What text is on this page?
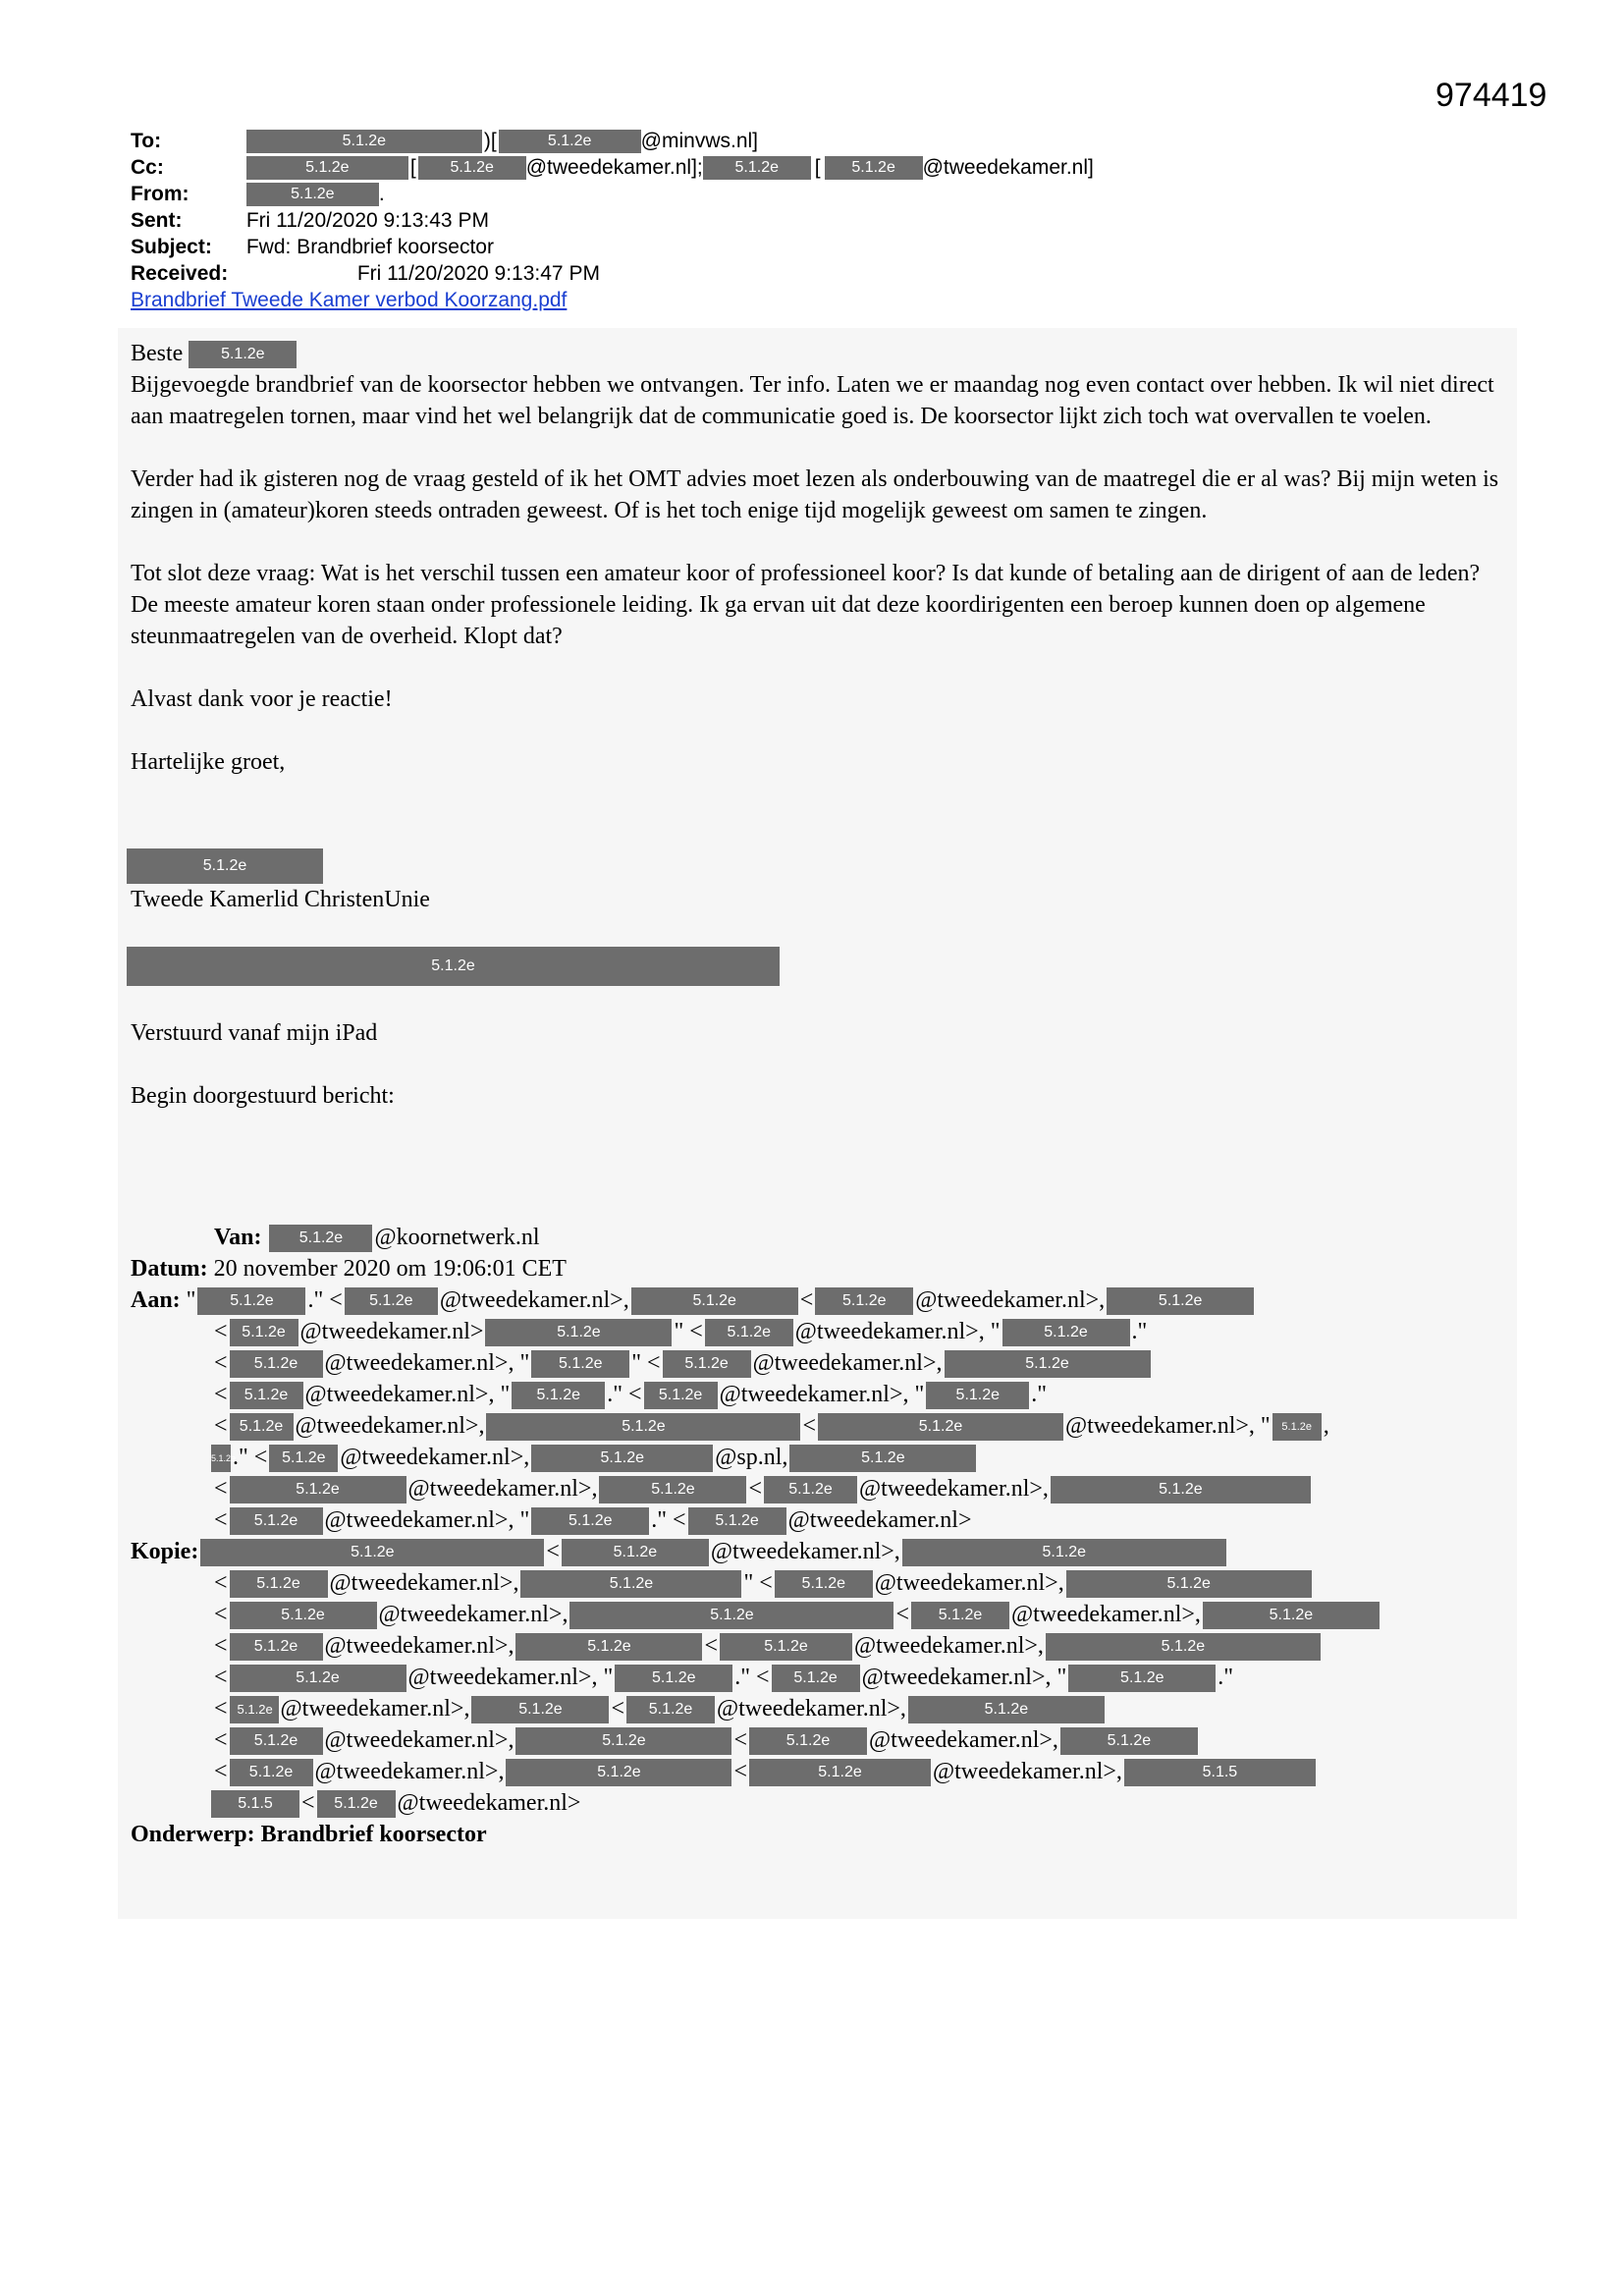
974419
To:	5.1.2e	)[	5.1.2e @minvws.nl]
Cc:	5.1.2e	[ 5.1.2e @tweedekamer.nl]; 5.1.2e [ 5.1.2e @tweedekamer.nl]
From:	5.1.2e .
Sent:	Fri 11/20/2020 9:13:43 PM
Subject: Fwd: Brandbrief koorsector
Received:	Fri 11/20/2020 9:13:47 PM
Brandbrief Tweede Kamer verbod Koorzang.pdf
Beste 5.1.2e

Bijgevoegde brandbrief van de koorsector hebben we ontvangen. Ter info. Laten we er maandag nog even contact over hebben. Ik wil niet direct aan maatregelen tornen, maar vind het wel belangrijk dat de communicatie goed is. De koorsector lijkt zich toch wat overvallen te voelen.

Verder had ik gisteren nog de vraag gesteld of ik het OMT advies moet lezen als onderbouwing van de maatregel die er al was? Bij mijn weten is zingen in (amateur)koren steeds ontraden geweest. Of is het toch enige tijd mogelijk geweest om samen te zingen.

Tot slot deze vraag: Wat is het verschil tussen een amateur koor of professioneel koor? Is dat kunde of betaling aan de dirigent of aan de leden? De meeste amateur koren staan onder professionele leiding. Ik ga ervan uit dat deze koordirigenten een beroep kunnen doen op algemene steunmaatregelen van de overheid. Klopt dat?

Alvast dank voor je reactie!

Hartelijke groet,

5.1.2e

Tweede Kamerlid ChristenUnie

5.1.2e

Verstuurd vanaf mijn iPad

Begin doorgestuurd bericht:

Van: 5.1.2e @koornetwerk.nl
Datum: 20 november 2020 om 19:06:01 CET
Aan: " 5.1.2e ." < 5.1.2e @tweedekamer.nl>,	5.1.2e	< 5.1.2e @tweedekamer.nl>,	5.1.2e
< 5.1.2e @tweedekamer.nl>	5.1.2e	" < 5.1.2e @tweedekamer.nl>, "	5.1.2e ."
< 5.1.2e @tweedekamer.nl>, " 5.1.2e " < 5.1.2e @tweedekamer.nl>,	5.1.2e
< 5.1.2e @tweedekamer.nl>, " 5.1.2e ." < 5.1.2e @tweedekamer.nl>, " 5.1.2e ."
< 5.1.2e @tweedekamer.nl>,	5.1.2e	<	5.1.2e	@tweedekamer.nl>, " 5.1.2e ,
5.1.2e." < 5.1.2e @tweedekamer.nl>,	5.1.2e	@sp.nl,	5.1.2e
<	5.1.2e	@tweedekamer.nl>,	5.1.2e < 5.1.2e @tweedekamer.nl>,	5.1.2e
< 5.1.2e @tweedekamer.nl>, " 5.1.2e ." < 5.1.2e @tweedekamer.nl>
Kopie:	5.1.2e	<	5.1.2e @tweedekamer.nl>,	5.1.2e
< 5.1.2e @tweedekamer.nl>,	5.1.2e	" < 5.1.2e @tweedekamer.nl>,	5.1.2e
<	5.1.2e @tweedekamer.nl>,	5.1.2e	< 5.1.2e @tweedekamer.nl>,	5.1.2e
< 5.1.2e @tweedekamer.nl>,	5.1.2e	<	5.1.2e @tweedekamer.nl>,	5.1.2e
<	5.1.2e	@tweedekamer.nl>, " 5.1.2e ." < 5.1.2e @tweedekamer.nl>, "	5.1.2e ."
< 5.1.2e @tweedekamer.nl>,	5.1.2e < 5.1.2e @tweedekamer.nl>,	5.1.2e
< 5.1.2e @tweedekamer.nl>,	5.1.2e	< 5.1.2e @tweedekamer.nl>,	5.1.2e
< 5.1.2e @tweedekamer.nl>,	5.1.2e	<	5.1.2e	@tweedekamer.nl>,	5.1.5
5.1.5 < 5.1.2e @tweedekamer.nl>
Onderwerp: Brandbrief koorsector
